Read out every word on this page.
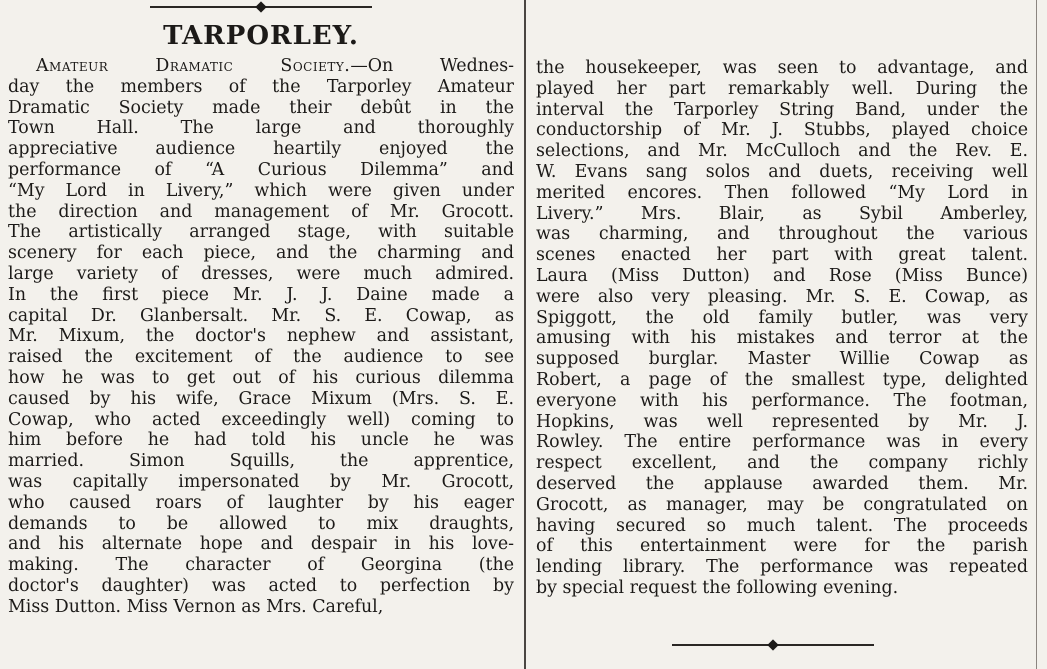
TARPORLEY.
Amateur Dramatic Society.—On Wednes-
day the members of the Tarporley Amateur
Dramatic Society made their debût in the
Town Hall. The large and thoroughly
appreciative audience heartily enjoyed the
performance of “A Curious Dilemma” and
“My Lord in Livery,” which were given under
the direction and management of Mr. Grocott.
The artistically arranged stage, with suitable
scenery for each piece, and the charming and
large variety of dresses, were much admired.
In the first piece Mr. J. J. Daine made a
capital Dr. Glanbersalt. Mr. S. E. Cowap, as
Mr. Mixum, the doctor's nephew and assistant,
raised the excitement of the audience to see
how he was to get out of his curious dilemma
caused by his wife, Grace Mixum (Mrs. S. E.
Cowap, who acted exceedingly well) coming to
him before he had told his uncle he was
married. Simon Squills, the apprentice,
was capitally impersonated by Mr. Grocott,
who caused roars of laughter by his eager
demands to be allowed to mix draughts,
and his alternate hope and despair in his love-
making. The character of Georgina (the
doctor's daughter) was acted to perfection by
Miss Dutton. Miss Vernon as Mrs. Careful,
the housekeeper, was seen to advantage, and
played her part remarkably well. During the
interval the Tarporley String Band, under the
conductorship of Mr. J. Stubbs, played choice
selections, and Mr. McCulloch and the Rev. E.
W. Evans sang solos and duets, receiving well
merited encores. Then followed “My Lord in
Livery.” Mrs. Blair, as Sybil Amberley,
was charming, and throughout the various
scenes enacted her part with great talent.
Laura (Miss Dutton) and Rose (Miss Bunce)
were also very pleasing. Mr. S. E. Cowap, as
Spiggott, the old family butler, was very
amusing with his mistakes and terror at the
supposed burglar. Master Willie Cowap as
Robert, a page of the smallest type, delighted
everyone with his performance. The footman,
Hopkins, was well represented by Mr. J.
Rowley. The entire performance was in every
respect excellent, and the company richly
deserved the applause awarded them. Mr.
Grocott, as manager, may be congratulated on
having secured so much talent. The proceeds
of this entertainment were for the parish
lending library. The performance was repeated
by special request the following evening.
